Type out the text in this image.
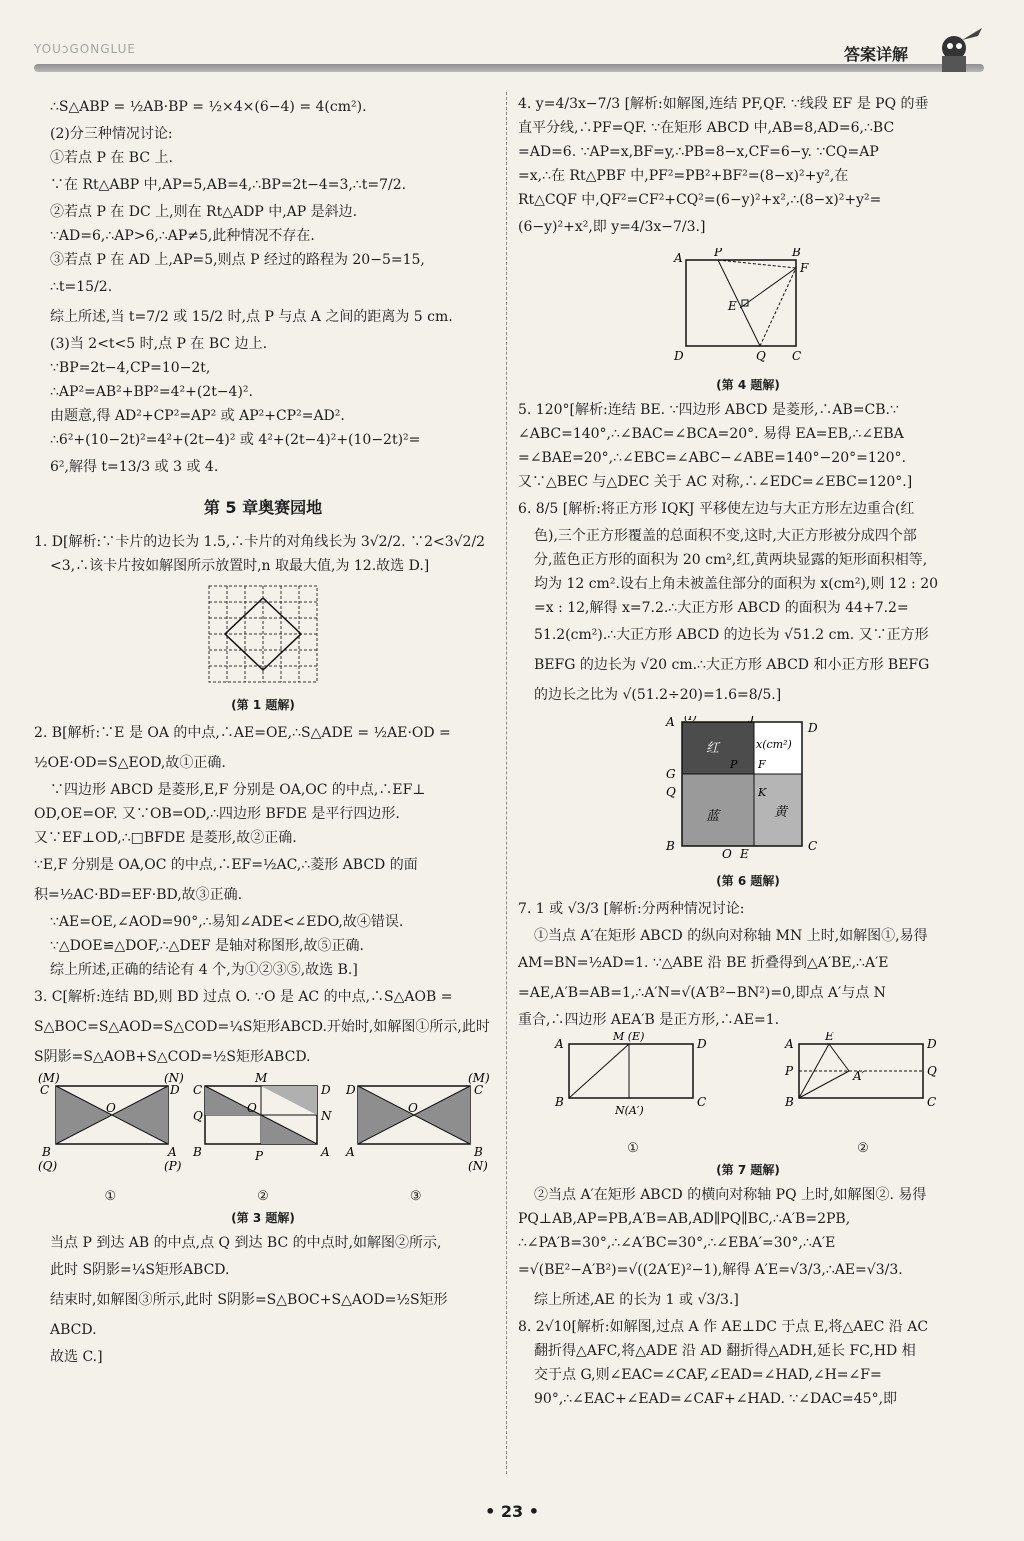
YOUↄGONGLUE	答案详解

∴S△ABP = ½AB·BP = ½×4×(6−4) = 4(cm²).

(2)分三种情况讨论:

①若点 P 在 BC 上.

∵在 Rt△ABP 中,AP=5,AB=4,∴BP=2t−4=3,∴t=7/2.

②若点 P 在 DC 上,则在 Rt△ADP 中,AP 是斜边.

∵AD=6,∴AP>6,∴AP≠5,此种情况不存在.

③若点 P 在 AD 上,AP=5,则点 P 经过的路程为 20−5=15,

∴t=15/2.

综上所述,当 t=7/2 或 15/2 时,点 P 与点 A 之间的距离为 5 cm.

(3)当 2<t<5 时,点 P 在 BC 边上.

∵BP=2t−4,CP=10−2t,

∴AP²=AB²+BP²=4²+(2t−4)².

由题意,得 AD²+CP²=AP² 或 AP²+CP²=AD².

∴6²+(10−2t)²=4²+(2t−4)² 或 4²+(2t−4)²+(10−2t)²=

6²,解得 t=13/3 或 3 或 4.

第 5 章奥赛园地

1. D[解析:∵卡片的边长为 1.5,∴卡片的对角线长为 3√2/2. ∵2<3√2/2

<3,∴该卡片按如解图所示放置时,n 取最大值,为 12.故选 D.]

(第 1 题解)

2. B[解析:∵E 是 OA 的中点,∴AE=OE,∴S△ADE = ½AE·OD =

½OE·OD=S△EOD,故①正确.

∵四边形 ABCD 是菱形,E,F 分别是 OA,OC 的中点,∴EF⊥

OD,OE=OF. 又∵OB=OD,∴四边形 BFDE 是平行四边形.

又∵EF⊥OD,∴□BFDE 是菱形,故②正确.

∵E,F 分别是 OA,OC 的中点,∴EF=½AC,∴菱形 ABCD 的面

积=½AC·BD=EF·BD,故③正确.

∵AE=OE,∠AOD=90°,∴易知∠ADE<∠EDO,故④错误.

∵△DOE≌△DOF,∴△DEF 是轴对称图形,故⑤正确.

综上所述,正确的结论有 4 个,为①②③⑤,故选 B.]

3. C[解析:连结 BD,则 BD 过点 O. ∵O 是 AC 的中点,∴S△AOB =

S△BOC=S△AOD=S△COD=¼S矩形ABCD.开始时,如解图①所示,此时

S阴影=S△AOB+S△COD=½S矩形ABCD.

(M)
C
(N)
D
O
B
(Q)
A
(P)
①
C
M
D
Q
O
N
B	P	A
②
D
(M)
C
O
A	B
(N)
③
(第 3 题解)

当点 P 到达 AB 的中点,点 Q 到达 BC 的中点时,如解图②所示,

此时 S阴影=¼S矩形ABCD.

结束时,如解图③所示,此时 S阴影=S△BOC+S△AOD=½S矩形ABCD.

故选 C.]

4. y=4/3x−7/3 [解析:如解图,连结 PF,QF. ∵线段 EF 是 PQ 的垂

直平分线,∴PF=QF. ∵在矩形 ABCD 中,AB=8,AD=6,∴BC

=AD=6. ∵AP=x,BF=y,∴PB=8−x,CF=6−y. ∵CQ=AP

=x,∴在 Rt△PBF 中,PF²=PB²+BF²=(8−x)²+y²,在

Rt△CQF 中,QF²=CF²+CQ²=(6−y)²+x²,∴(8−x)²+y²=

(6−y)²+x²,即 y=4/3x−7/3.]

A	P	B
F
E
D	Q C
(第 4 题解)

5. 120°[解析:连结 BE. ∵四边形 ABCD 是菱形,∴AB=CB.∵

∠ABC=140°,∴∠BAC=∠BCA=20°. 易得 EA=EB,∴∠EBA

=∠BAE=20°,∴∠EBC=∠ABC−∠ABE=140°−20°=120°.

又∵△BEC 与△DEC 关于 AC 对称,∴∠EDC=∠EBC=120°.]

6. 8/5 [解析:将正方形 IQKJ 平移使左边与大正方形左边重合(红

色),三个正方形覆盖的总面积不变,这时,大正方形被分成四个部

分,蓝色正方形的面积为 20 cm²,红,黄两块显露的矩形面积相等,

均为 12 cm².设右上角未被盖住部分的面积为 x(cm²),则 12 : 20

=x : 12,解得 x=7.2.∴大正方形 ABCD 的面积为 44+7.2=

51.2(cm²).∴大正方形 ABCD 的边长为 √51.2 cm. 又∵正方形

BEFG 的边长为 √20 cm.∴大正方形 ABCD 和小正方形 BEFG

的边长之比为 √(51.2÷20)=1.6=8/5.]

A (I)	J
D
红	x(cm²)
P F
G
Q	K
蓝	黄
B
O E
C
(第 6 题解)

7. 1 或 √3/3 [解析:分两种情况讨论:

①当点 A′在矩形 ABCD 的纵向对称轴 MN 上时,如解图①,易得

AM=BN=½AD=1. ∵△ABE 沿 BE 折叠得到△A′BE,∴A′E

=AE,A′B=AB=1,∴A′N=√(A′B²−BN²)=0,即点 A′与点 N

重合,∴四边形 AEA′B 是正方形,∴AE=1.

A
M (E)
D
B
N(A′)
C
①
A
E
D
P	A′	Q
B	C
②
(第 7 题解)

②当点 A′在矩形 ABCD 的横向对称轴 PQ 上时,如解图②. 易得

PQ⊥AB,AP=PB,A′B=AB,AD∥PQ∥BC,∴A′B=2PB,

∴∠PA′B=30°,∴∠A′BC=30°,∴∠EBA′=30°,∴A′E

=√(BE²−A′B²)=√((2A′E)²−1),解得 A′E=√3/3,∴AE=√3/3.

综上所述,AE 的长为 1 或 √3/3.]

8. 2√10[解析:如解图,过点 A 作 AE⊥DC 于点 E,将△AEC 沿 AC

翻折得△AFC,将△ADE 沿 AD 翻折得△ADH,延长 FC,HD 相

交于点 G,则∠EAC=∠CAF,∠EAD=∠HAD,∠H=∠F=

90°,∴∠EAC+∠EAD=∠CAF+∠HAD. ∵∠DAC=45°,即

• 23 •
